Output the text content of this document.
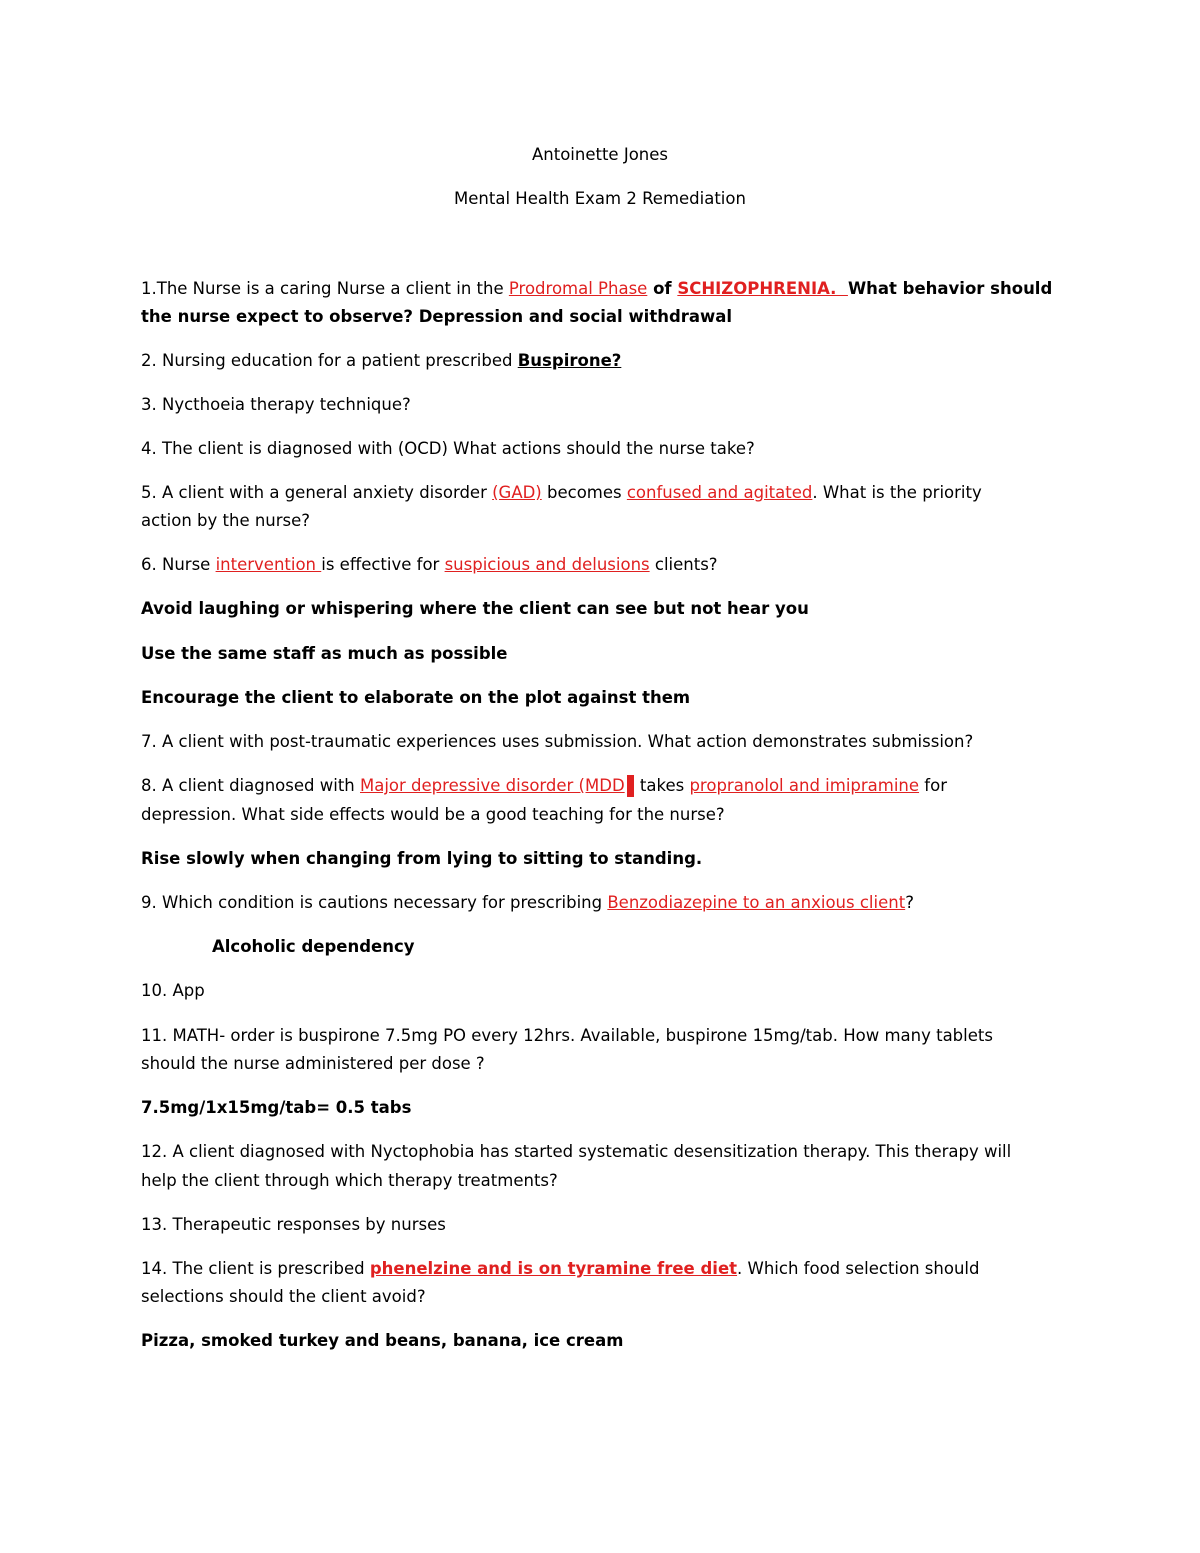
Antoinette Jones
Mental Health Exam 2 Remediation
1.The Nurse is a caring Nurse a client in the Prodromal Phase of SCHIZOPHRENIA.  What behavior should
the nurse expect to observe? Depression and social withdrawal
2. Nursing education for a patient prescribed Buspirone?
3. Nycthoeia therapy technique?
4. The client is diagnosed with (OCD) What actions should the nurse take?
5. A client with a general anxiety disorder (GAD) becomes confused and agitated. What is the priority
action by the nurse?
6. Nurse intervention is effective for suspicious and delusions clients?
Avoid laughing or whispering where the client can see but not hear you
Use the same staff as much as possible
Encourage the client to elaborate on the plot against them
7. A client with post-traumatic experiences uses submission. What action demonstrates submission?
8. A client diagnosed with Major depressive disorder (MDD takes propranolol and imipramine for
depression. What side effects would be a good teaching for the nurse?
Rise slowly when changing from lying to sitting to standing.
9. Which condition is cautions necessary for prescribing Benzodiazepine to an anxious client?
Alcoholic dependency
10. App
11. MATH- order is buspirone 7.5mg PO every 12hrs. Available, buspirone 15mg/tab. How many tablets
should the nurse administered per dose ?
7.5mg/1x15mg/tab= 0.5 tabs
12. A client diagnosed with Nyctophobia has started systematic desensitization therapy. This therapy will
help the client through which therapy treatments?
13. Therapeutic responses by nurses
14. The client is prescribed phenelzine and is on tyramine free diet. Which food selection should
selections should the client avoid?
Pizza, smoked turkey and beans, banana, ice cream
